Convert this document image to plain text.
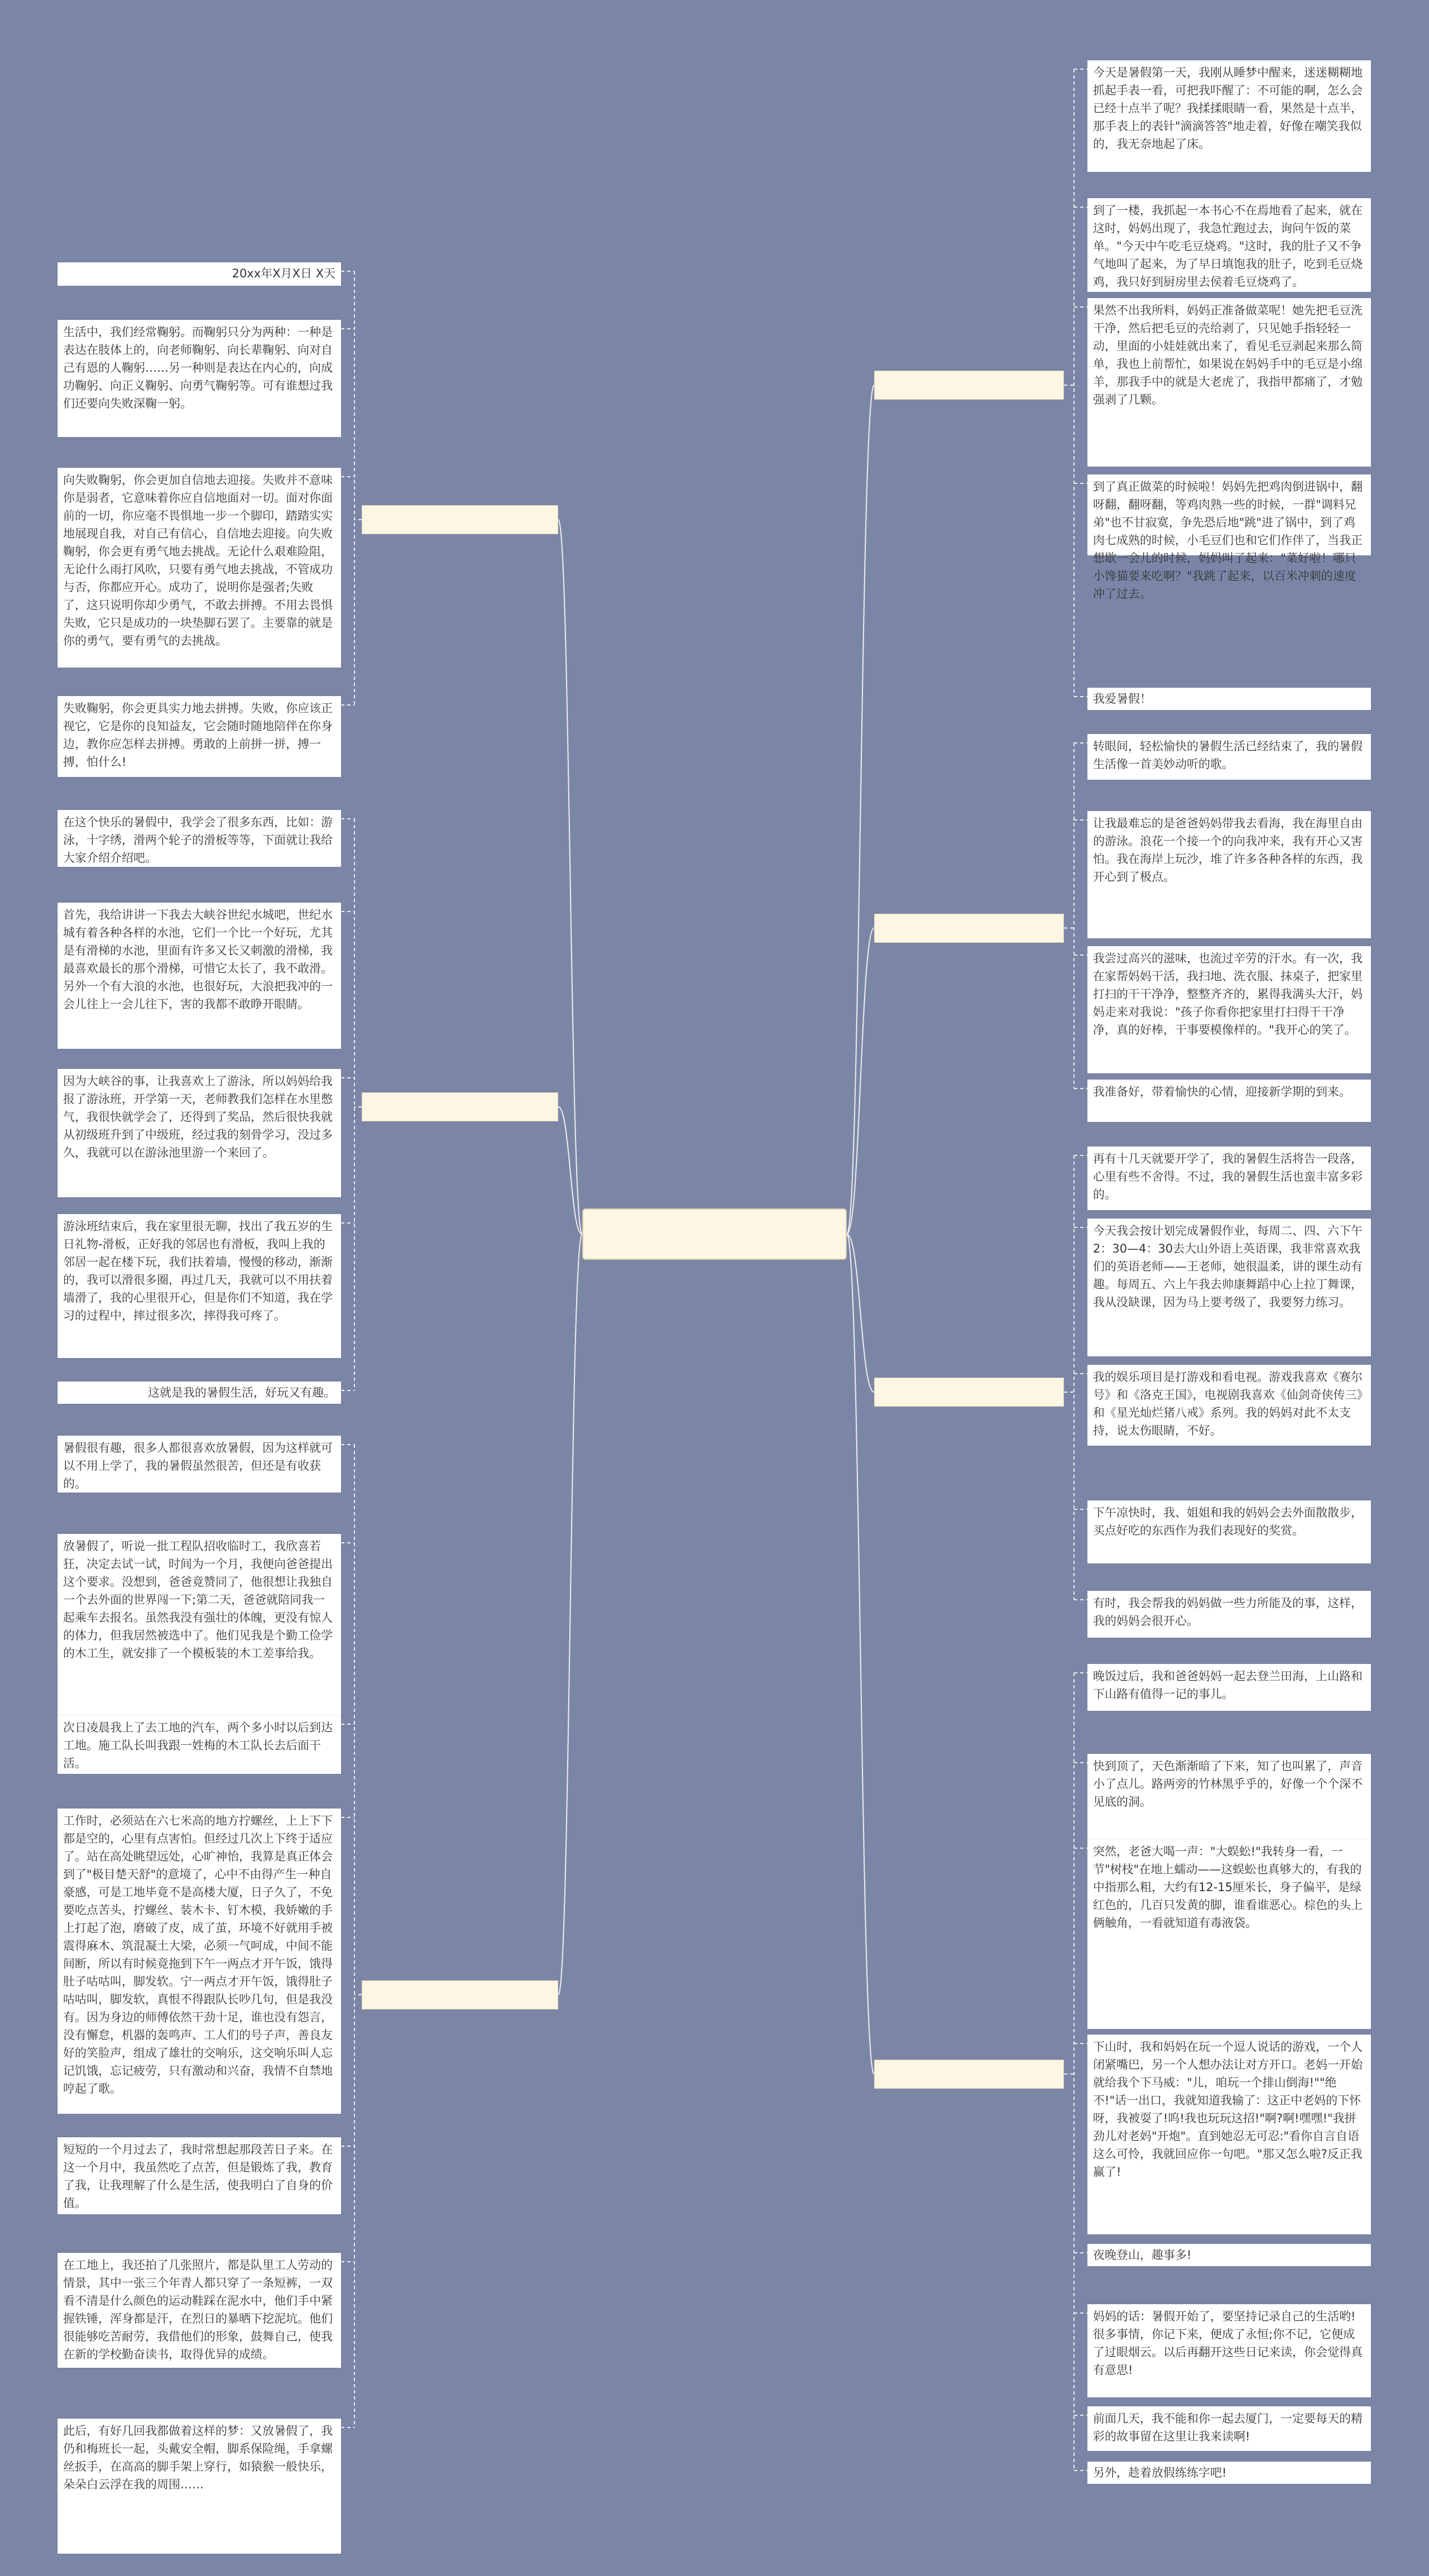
今天是暑假第一天，我刚从睡梦中醒来，迷迷糊糊地抓起手表一看，可把我吓醒了：不可能的啊，怎么会已经十点半了呢？我揉揉眼睛一看，果然是十点半，那手表上的表针"滴滴答答"地走着，好像在嘲笑我似的，我无奈地起了床。
到了一楼，我抓起一本书心不在焉地看了起来，就在这时，妈妈出现了，我急忙跑过去，询问午饭的菜单。"今天中午吃毛豆烧鸡。"这时，我的肚子又不争气地叫了起来，为了早日填饱我的肚子，吃到毛豆烧鸡，我只好到厨房里去侯着毛豆烧鸡了。
果然不出我所料，妈妈正准备做菜呢！她先把毛豆洗干净，然后把毛豆的壳给剥了，只见她手指轻轻一动，里面的小娃娃就出来了，看见毛豆剥起来那么简单，我也上前帮忙，如果说在妈妈手中的毛豆是小绵羊，那我手中的就是大老虎了，我指甲都痛了，才勉强剥了几颗。
到了真正做菜的时候啦！妈妈先把鸡肉倒进锅中，翻呀翻，翻呀翻，等鸡肉熟一些的时候，一群"调料兄弟"也不甘寂寞，争先恐后地"跳"进了锅中，到了鸡肉七成熟的时候，小毛豆们也和它们作伴了，当我正想歇一会儿的时候，妈妈叫了起来："菜好啦！哪只小馋猫要来吃啊？"我跳了起来，以百米冲刺的速度冲了过去。
我爱暑假！
20xx年X月X日 X天
生活中，我们经常鞠躬。而鞠躬只分为两种：一种是表达在肢体上的，向老师鞠躬、向长辈鞠躬、向对自己有恩的人鞠躬……另一种则是表达在内心的，向成功鞠躬、向正义鞠躬、向勇气鞠躬等。可有谁想过我们还要向失败深鞠一躬。
向失败鞠躬，你会更加自信地去迎接。失败并不意味你是弱者，它意味着你应自信地面对一切。面对你面前的一切，你应毫不畏惧地一步一个脚印，踏踏实实地展现自我，对自己有信心，自信地去迎接。向失败鞠躬，你会更有勇气地去挑战。无论什么艰难险阻，无论什么雨打风吹，只要有勇气地去挑战，不管成功与否，你都应开心。成功了，说明你是强者;失败了，这只说明你却少勇气，不敢去拼搏。不用去畏惧失败，它只是成功的一块垫脚石罢了。主要靠的就是你的勇气，要有勇气的去挑战。
失败鞠躬，你会更具实力地去拼搏。失败，你应该正视它，它是你的良知益友，它会随时随地陪伴在你身边，教你应怎样去拼搏。勇敢的上前拼一拼，搏一搏，怕什么!
转眼间，轻松愉快的暑假生活已经结束了，我的暑假生活像一首美妙动听的歌。
让我最难忘的是爸爸妈妈带我去看海，我在海里自由的游泳。浪花一个接一个的向我冲来，我有开心又害怕。我在海岸上玩沙，堆了许多各种各样的东西，我开心到了极点。
我尝过高兴的滋味，也流过辛劳的汗水。有一次，我在家帮妈妈干活，我扫地、洗衣服、抹桌子，把家里打扫的干干净净，整整齐齐的，累得我满头大汗，妈妈走来对我说："孩子你看你把家里打扫得干干净净，真的好棒，干事要模像样的。"我开心的笑了。
我准备好，带着愉快的心情，迎接新学期的到来。
在这个快乐的暑假中，我学会了很多东西，比如：游泳，十字绣，滑两个轮子的滑板等等，下面就让我给大家介绍介绍吧。
首先，我给讲讲一下我去大峡谷世纪水城吧，世纪水城有着各种各样的水池，它们一个比一个好玩，尤其是有滑梯的水池，里面有许多又长又刺激的滑梯，我最喜欢最长的那个滑梯，可惜它太长了，我不敢滑。另外一个有大浪的水池，也很好玩，大浪把我冲的一会儿往上一会儿往下，害的我都不敢睁开眼睛。
因为大峡谷的事，让我喜欢上了游泳，所以妈妈给我报了游泳班，开学第一天，老师教我们怎样在水里憋气，我很快就学会了，还得到了奖品，然后很快我就从初级班升到了中级班，经过我的刻骨学习，没过多久，我就可以在游泳池里游一个来回了。
游泳班结束后，我在家里很无聊，找出了我五岁的生日礼物-滑板，正好我的邻居也有滑板，我叫上我的邻居一起在楼下玩，我们扶着墙，慢慢的移动，渐渐的，我可以滑很多圈，再过几天，我就可以不用扶着墙滑了，我的心里很开心，但是你们不知道，我在学习的过程中，摔过很多次，摔得我可疼了。
这就是我的暑假生活，好玩又有趣。
再有十几天就要开学了，我的暑假生活将告一段落，心里有些不舍得。不过，我的暑假生活也蛮丰富多彩的。
今天我会按计划完成暑假作业，每周二、四、六下午2：30—4：30去大山外语上英语课，我非常喜欢我们的英语老师——王老师，她很温柔，讲的课生动有趣。每周五、六上午我去帅康舞蹈中心上拉丁舞课，我从没缺课，因为马上要考级了，我要努力练习。
我的娱乐项目是打游戏和看电视。游戏我喜欢《赛尔号》和《洛克王国》，电视剧我喜欢《仙剑奇侠传三》和《星光灿烂猪八戒》系列。我的妈妈对此不太支持，说太伤眼睛，不好。
下午凉快时，我、姐姐和我的妈妈会去外面散散步，买点好吃的东西作为我们表现好的奖赏。
有时，我会帮我的妈妈做一些力所能及的事，这样，我的妈妈会很开心。
暑假很有趣，很多人都很喜欢放暑假，因为这样就可以不用上学了，我的暑假虽然很苦，但还是有收获的。
放暑假了，听说一批工程队招收临时工，我欣喜若狂，决定去试一试，时间为一个月，我便向爸爸提出这个要求。没想到，爸爸竟赞同了，他很想让我独自一个去外面的世界闯一下;第二天，爸爸就陪同我一起乘车去报名。虽然我没有强壮的体魄，更没有惊人的体力，但我居然被选中了。他们见我是个勤工俭学的木工生，就安排了一个模板装的木工差事给我。
次日凌晨我上了去工地的汽车，两个多小时以后到达工地。施工队长叫我跟一姓梅的木工队长去后面干活。
工作时，必须站在六七米高的地方拧螺丝，上上下下都是空的，心里有点害怕。但经过几次上下终于适应了。站在高处眺望远处，心旷神怡，我算是真正体会到了"极目楚天舒"的意境了，心中不由得产生一种自豪感，可是工地毕竟不是高楼大厦，日子久了，不免要吃点苦头，拧螺丝、装木卡、钉木模，我娇嫩的手上打起了泡，磨破了皮，成了茧，环境不好就用手被震得麻木、筑混凝土大梁，必须一气呵成，中间不能间断，所以有时候竟拖到下午一两点才开午饭，饿得肚子咕咕叫，脚发软。宁一两点才开午饭，饿得肚子咕咕叫，脚发软，真恨不得跟队长吵几句，但是我没有。因为身边的师傅依然干劲十足，谁也没有怨言，没有懈怠，机器的轰鸣声、工人们的号子声，善良友好的笑脸声，组成了雄壮的交响乐，这交响乐叫人忘记饥饿，忘记疲劳，只有激动和兴奋，我情不自禁地哼起了歌。
短短的一个月过去了，我时常想起那段苦日子来。在这一个月中，我虽然吃了点苦，但是锻炼了我，教育了我，让我理解了什么是生活，使我明白了自身的价值。
在工地上，我还拍了几张照片，都是队里工人劳动的情景，其中一张三个年青人都只穿了一条短裤，一双看不清是什么颜色的运动鞋踩在泥水中，他们手中紧握铁锤，浑身都是汗，在烈日的暴晒下挖泥坑。他们很能够吃苦耐劳，我借他们的形象，鼓舞自己，使我在新的学校勤奋读书，取得优异的成绩。
此后，有好几回我都做着这样的梦：又放暑假了，我仍和梅班长一起，头戴安全帽，脚系保险绳，手拿螺丝扳手，在高高的脚手架上穿行，如猿猴一般快乐，朵朵白云浮在我的周围……
晚饭过后，我和爸爸妈妈一起去登兰田海，上山路和下山路有值得一记的事儿。
快到顶了，天色渐渐暗了下来，知了也叫累了，声音小了点儿。路两旁的竹林黑乎乎的，好像一个个深不见底的洞。
突然，老爸大喝一声："大蜈蚣!"我转身一看，一节"树枝"在地上蠕动——这蜈蚣也真够大的，有我的中指那么粗，大约有12-15厘米长，身子偏平，是绿红色的，几百只发黄的脚，谁看谁恶心。棕色的头上俩触角，一看就知道有毒液袋。
下山时，我和妈妈在玩一个逗人说话的游戏，一个人闭紧嘴巴，另一个人想办法让对方开口。老妈一开始就给我个下马威："儿，咱玩一个排山倒海!""绝不!"话一出口，我就知道我输了：这正中老妈的下怀呀，我被耍了!呜!我也玩玩这招!"啊?啊!嘿嘿!"我拼劲儿对老妈"开炮"。直到她忍无可忍:"看你自言自语这么可怜，我就回应你一句吧。"那又怎么啦?反正我赢了!
夜晚登山，趣事多!
妈妈的话：暑假开始了，要坚持记录自己的生活哟!很多事情，你记下来，便成了永恒;你不记，它便成了过眼烟云。以后再翻开这些日记来读，你会觉得真有意思!
前面几天，我不能和你一起去厦门，一定要每天的精彩的故事留在这里让我来读啊!
另外，趁着放假练练字吧!
